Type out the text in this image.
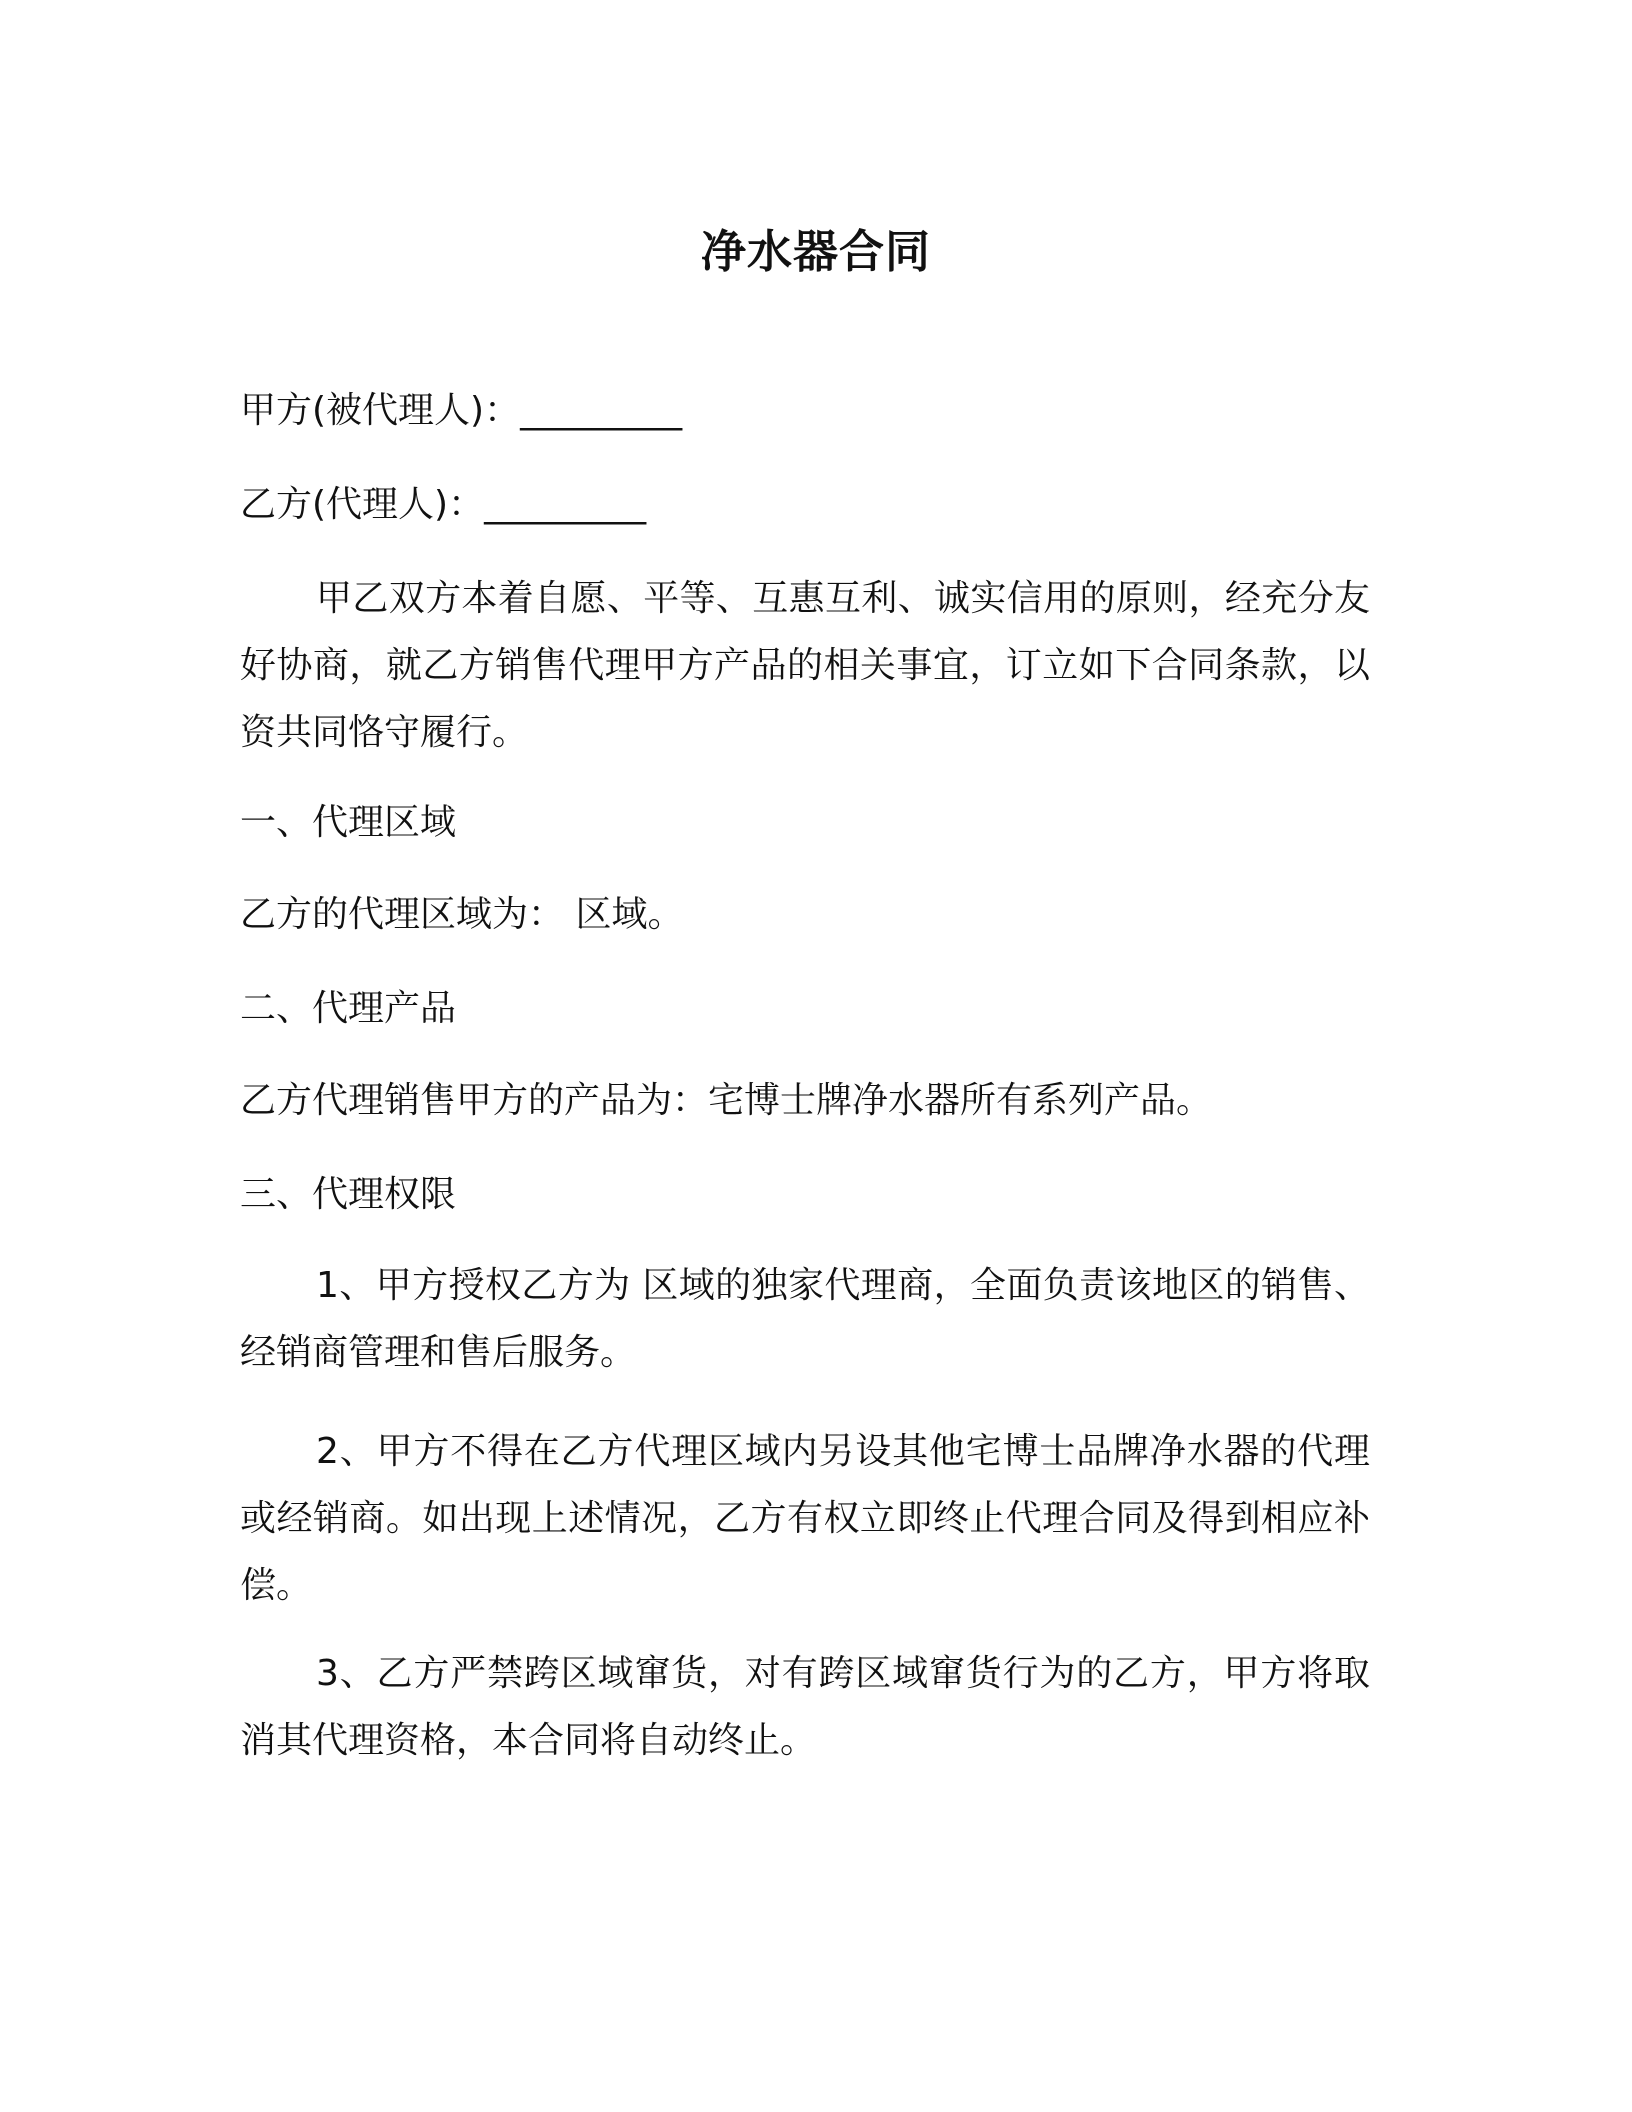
净水器合同
甲方(被代理人)：_________
乙方(代理人)：_________
甲乙双方本着自愿、平等、互惠互利、诚实信用的原则，经充分友好协商，就乙方销售代理甲方产品的相关事宜，订立如下合同条款，以资共同恪守履行。
一、代理区域
乙方的代理区域为： 区域。
二、代理产品
乙方代理销售甲方的产品为：宅博士牌净水器所有系列产品。
三、代理权限
1、甲方授权乙方为 区域的独家代理商，全面负责该地区的销售、经销商管理和售后服务。
2、甲方不得在乙方代理区域内另设其他宅博士品牌净水器的代理或经销商。如出现上述情况，乙方有权立即终止代理合同及得到相应补偿。
3、乙方严禁跨区域窜货，对有跨区域窜货行为的乙方，甲方将取消其代理资格，本合同将自动终止。
